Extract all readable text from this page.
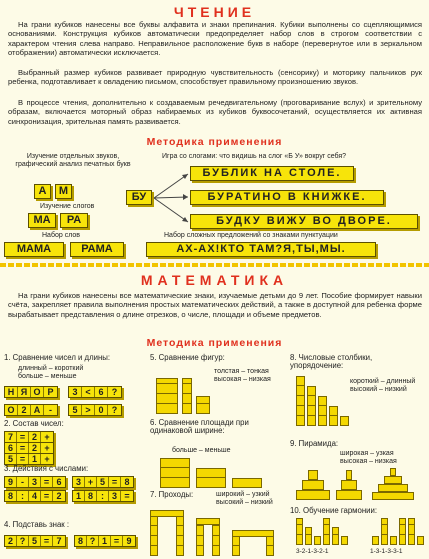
ЧТЕНИЕ
На грани кубиков нанесены все буквы алфавита и знаки препинания. Кубики выполнены со сцепляющимися основаниями. Конструкция кубиков автоматически предопределяет набор слов в строгом соответствии с характером чтения слева направо. Неправильное расположение букв в наборе (перевернутое или в зеркальном отображении) автоматически исключается.
Выбранный размер кубиков развивает природную чувствительность (сенсорику) и моторику пальчиков рук ребенка, подготавливает к овладению письмом, способствует правильному произношению звуков.
В процессе чтения, дополнительно к создаваемым речедвигательному (проговаривание вслух) и зрительному образам, включается моторный образ набираемых из кубиков буквосочетаний, осуществляется их активная синхронизация, зрительная память развивается.
Методика применения
Изучение отдельных звуков, графический анализ печатных букв
А	М
Изучение слогов
МА	РА
Набор слов
МАМА	РАМА
Игра со слогами: что видишь на слог «Б У» вокруг себя?
БУ
БУБЛИК НА СТОЛЕ.
БУРАТИНО В КНИЖКЕ.
БУДКУ ВИЖУ ВО ДВОРЕ.
Набор сложных предложений со знаками пунктуации
АХ-АХ!КТО ТАМ?Я,ТЫ,МЫ.
МАТЕМАТИКА
На грани кубиков нанесены все математические знаки, изучаемые детьми до 9 лет. Пособие формирует навыки счёта, закрепляет правила выполнения простых математических действий, а также в доступной для ребенка форме вырабатывает представления о длине отрезков, о числе, площади и объеме предметов.
Методика применения
1. Сравнение чисел и длины:
длинный – короткий больше – меньше
Н Я О Р	3 < 6 ?
О 2 А -	5 > 0 ?
2. Состав чисел:
7 = 2 +
6 = 2 +
5 = 1 +
3. Действия с числами:
9 - 3 = 6
8 : 4 = 2
3 + 5 = 8
1 8 : 3 =
4. Подставь знак :
2 ? 5 = 7	8 ? 1 = 9
5. Сравнение фигур:
толстая – тонкая высокая – низкая
6. Сравнение площади при одинаковой ширине:
больше – меньше
7. Проходы:	широкий – узкий высокий – низкий
8. Числовые столбики, упорядочение:
короткий – длинный высокий – низкий
9. Пирамида:
широкая – узкая высокая – низкая
10. Обучение гармонии:
3-2-1-3-2-1	1-3-1-3-3-1
